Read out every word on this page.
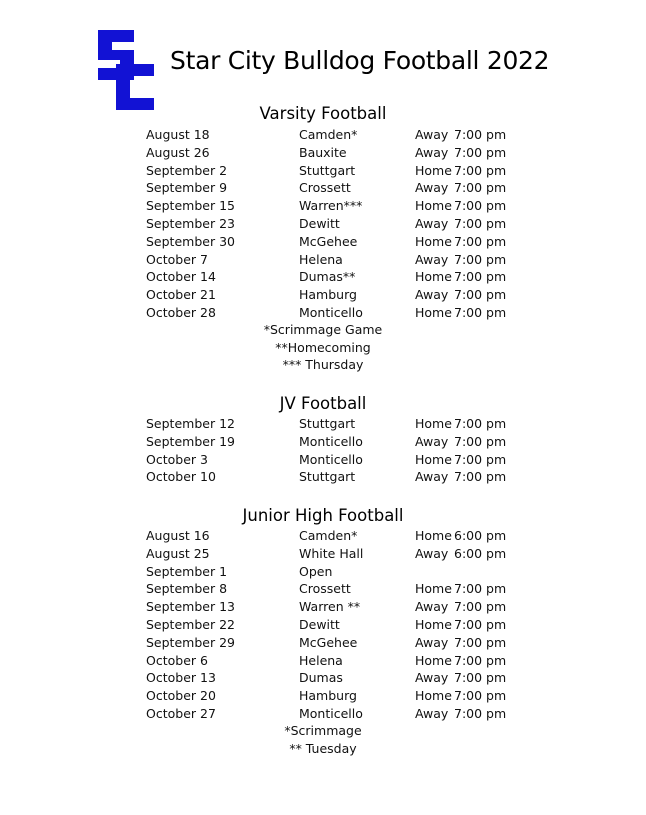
Star City Bulldog Football 2022
Varsity Football
August 18	Camden*	Away 7:00 pm
August 26	Bauxite	Away 7:00 pm
September 2	Stuttgart	Home 7:00 pm
September 9	Crossett	Away 7:00 pm
September 15	Warren***	Home 7:00 pm
September 23	Dewitt	Away 7:00 pm
September 30	McGehee	Home 7:00 pm
October 7	Helena	Away 7:00 pm
October 14	Dumas**	Home 7:00 pm
October 21	Hamburg	Away 7:00 pm
October 28	Monticello	Home 7:00 pm
*Scrimmage Game
**Homecoming
*** Thursday
JV Football
September 12	Stuttgart	Home 7:00 pm
September 19	Monticello	Away 7:00 pm
October 3	Monticello	Home 7:00 pm
October 10	Stuttgart	Away 7:00 pm
Junior High Football
August 16	Camden*	Home 6:00 pm
August 25	White Hall	Away 6:00 pm
September 1	Open
September 8	Crossett	Home 7:00 pm
September 13	Warren **	Away 7:00 pm
September 22	Dewitt	Home 7:00 pm
September 29	McGehee	Away 7:00 pm
October 6	Helena	Home 7:00 pm
October 13	Dumas	Away 7:00 pm
October 20	Hamburg	Home 7:00 pm
October 27	Monticello	Away 7:00 pm
*Scrimmage
** Tuesday
